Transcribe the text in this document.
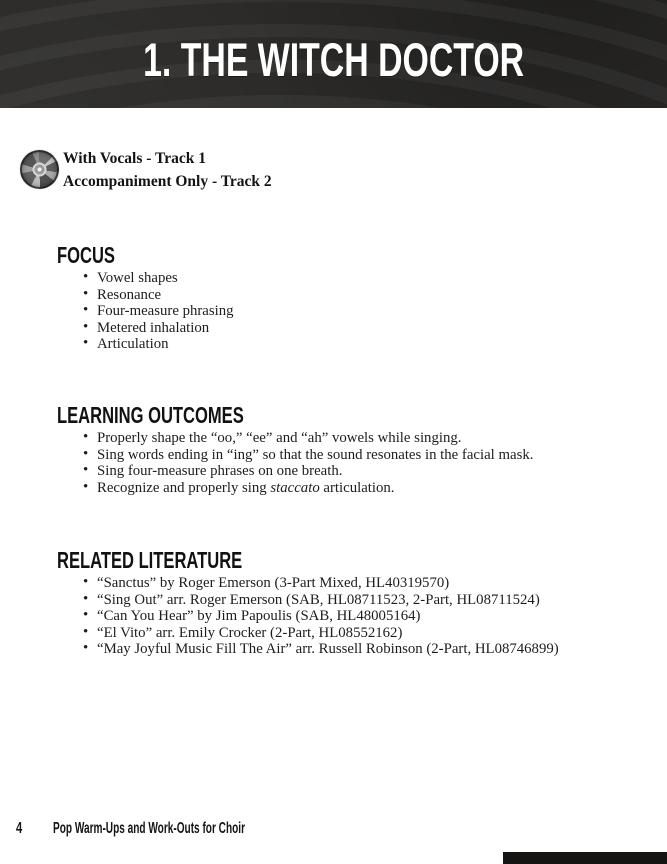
1. THE WITCH DOCTOR
With Vocals - Track 1
Accompaniment Only - Track 2
FOCUS
• Vowel shapes
• Resonance
• Four-measure phrasing
• Metered inhalation
• Articulation
LEARNING OUTCOMES
• Properly shape the “oo,” “ee” and “ah” vowels while singing.
• Sing words ending in “ing” so that the sound resonates in the facial mask.
• Sing four-measure phrases on one breath.
• Recognize and properly sing staccato articulation.
RELATED LITERATURE
• “Sanctus” by Roger Emerson (3-Part Mixed, HL40319570)
• “Sing Out” arr. Roger Emerson (SAB, HL08711523, 2-Part, HL08711524)
• “Can You Hear” by Jim Papoulis (SAB, HL48005164)
• “El Vito” arr. Emily Crocker (2-Part, HL08552162)
• “May Joyful Music Fill The Air” arr. Russell Robinson (2-Part, HL08746899)
4 Pop Warm-Ups and Work-Outs for Choir
